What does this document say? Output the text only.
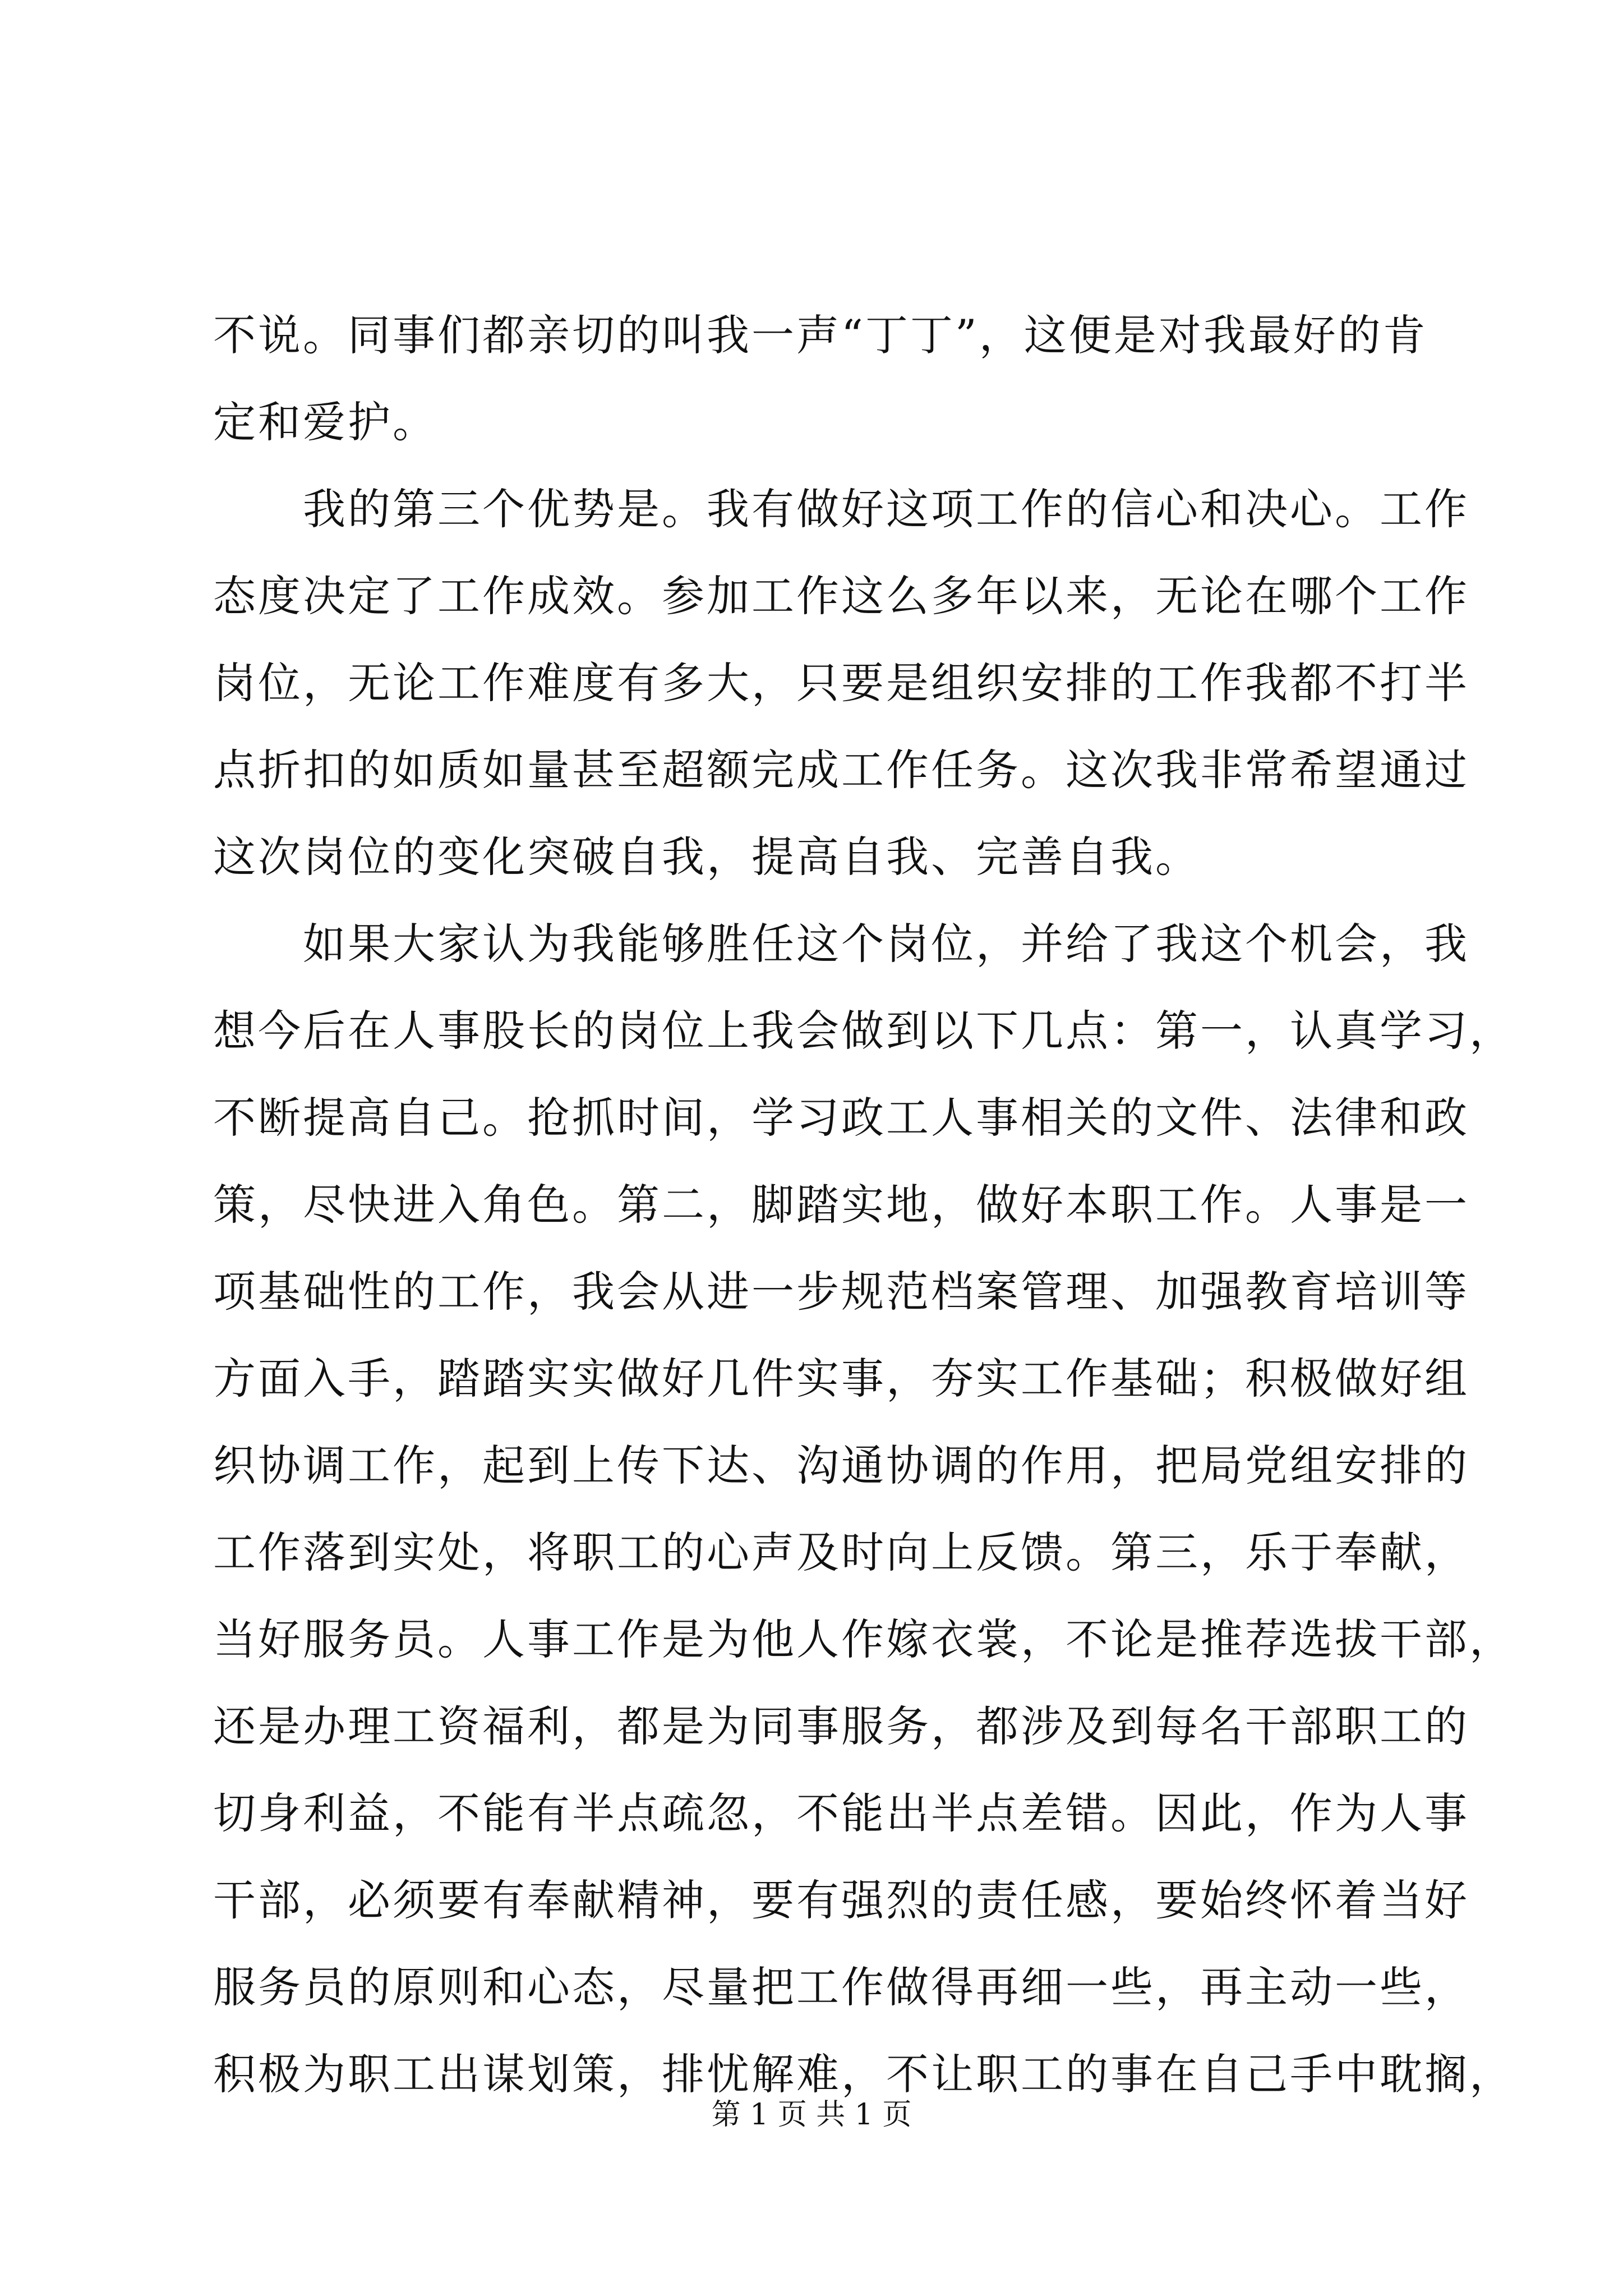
不说。同事们都亲切的叫我一声“丁丁”，这便是对我最好的肯
定和爱护。
我的第三个优势是。我有做好这项工作的信心和决心。工作
态度决定了工作成效。参加工作这么多年以来，无论在哪个工作
岗位，无论工作难度有多大，只要是组织安排的工作我都不打半
点折扣的如质如量甚至超额完成工作任务。这次我非常希望通过
这次岗位的变化突破自我，提高自我、完善自我。
如果大家认为我能够胜任这个岗位，并给了我这个机会，我
想今后在人事股长的岗位上我会做到以下几点：第一，认真学习，
不断提高自己。抢抓时间，学习政工人事相关的文件、法律和政
策，尽快进入角色。第二，脚踏实地，做好本职工作。人事是一
项基础性的工作，我会从进一步规范档案管理、加强教育培训等
方面入手，踏踏实实做好几件实事，夯实工作基础；积极做好组
织协调工作，起到上传下达、沟通协调的作用，把局党组安排的
工作落到实处，将职工的心声及时向上反馈。第三，乐于奉献，
当好服务员。人事工作是为他人作嫁衣裳，不论是推荐选拔干部，
还是办理工资福利，都是为同事服务，都涉及到每名干部职工的
切身利益，不能有半点疏忽，不能出半点差错。因此，作为人事
干部，必须要有奉献精神，要有强烈的责任感，要始终怀着当好
服务员的原则和心态，尽量把工作做得再细一些，再主动一些，
积极为职工出谋划策，排忧解难，不让职工的事在自己手中耽搁，
第 1 页 共 1 页
